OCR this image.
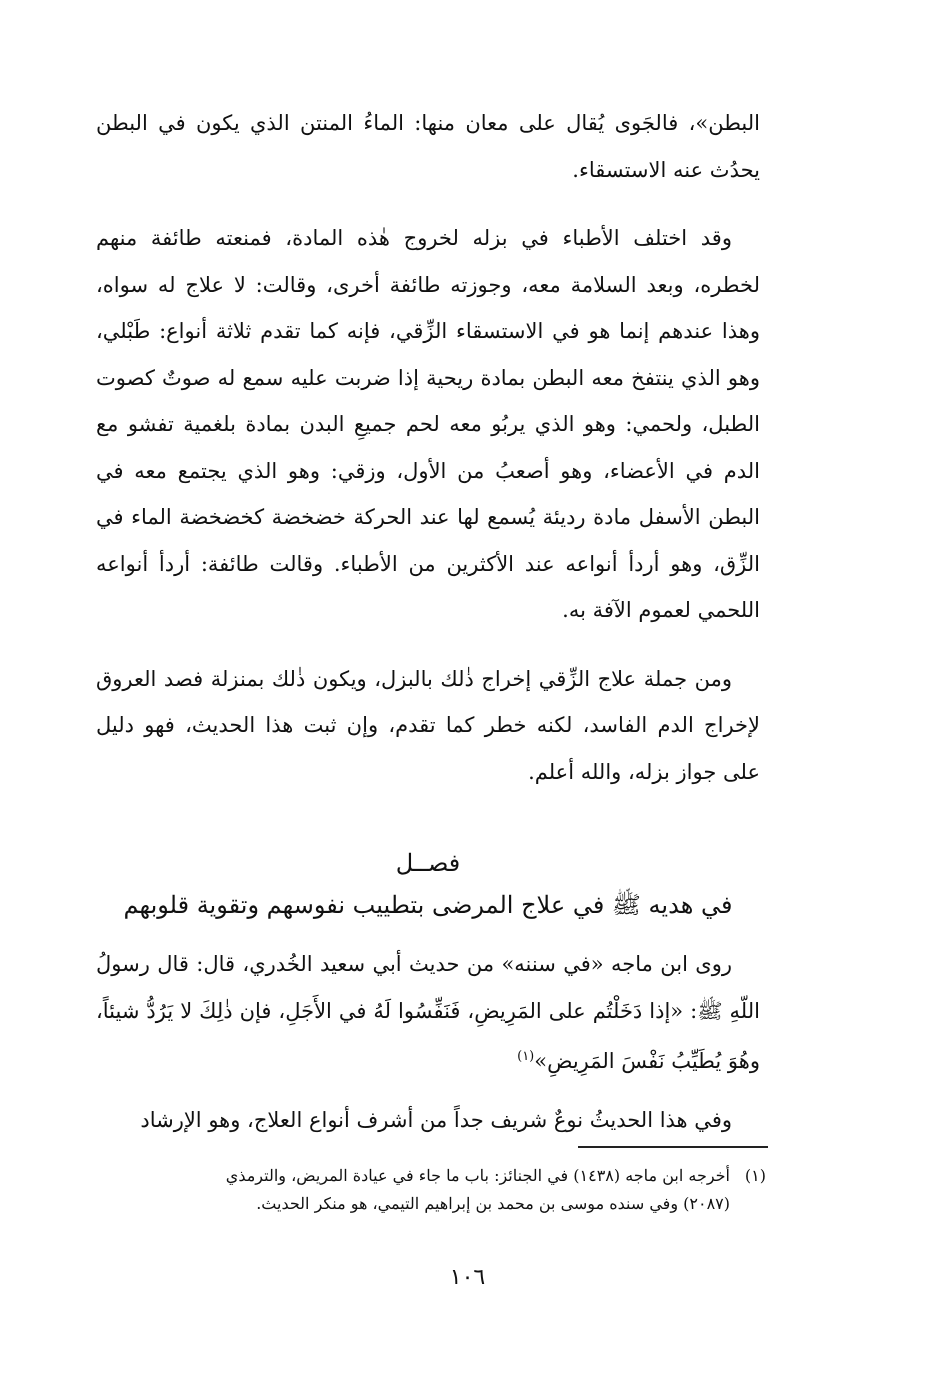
البطن»، فالجَوى يُقال على معان منها: الماءُ المنتن الذي يكون في البطن يحدُث عنه الاستسقاء.

وقد اختلف الأطباء في بزله لخروج هٰذه المادة، فمنعته طائفة منهم لخطره، وبعد السلامة معه، وجوزته طائفة أخرى، وقالت: لا علاج له سواه، وهذا عندهم إنما هو في الاستسقاء الزِّقي، فإنه كما تقدم ثلاثة أنواع: طَبْلي، وهو الذي ينتفخ معه البطن بمادة ريحية إذا ضربت عليه سمع له صوتٌ كصوت الطبل، ولحمي: وهو الذي يربُو معه لحم جميعِ البدن بمادة بلغمية تفشو مع الدم في الأعضاء، وهو أصعبُ من الأول، وزقي: وهو الذي يجتمع معه في البطن الأسفل مادة رديئة يُسمع لها عند الحركة خضخضة كخضخضة الماء في الزِّق، وهو أردأ أنواعه عند الأكثرين من الأطباء. وقالت طائفة: أردأ أنواعه اللحمي لعموم الآفة به.

ومن جملة علاج الزِّقي إخراج ذٰلك بالبزل، ويكون ذٰلك بمنزلة فصد العروق لإخراج الدم الفاسد، لكنه خطر كما تقدم، وإن ثبت هذا الحديث، فهو دليل على جواز بزله، والله أعلم.

فصــل

في هديه ﷺ في علاج المرضى بتطييب نفوسهم وتقوية قلوبهم

روى ابن ماجه «في سننه» من حديث أبي سعيد الخُدري، قال: قال رسولُ اللّهِ ﷺ: «إذا دَخَلْتُم على المَرِيضِ، فَنَفِّسُوا لَهُ في الأَجَلِ، فإن ذٰلِكَ لا يَرُدُّ شيئاً، وهُوَ يُطَيِّبُ نَفْسَ المَرِيضِ»$^{(١)}$

وفي هذا الحديثُ نوعٌ شريف جداً من أشرف أنواع العلاج، وهو الإرشاد

(١)
أخرجه ابن ماجه (١٤٣٨) في الجنائز: باب ما جاء في عيادة المريض، والترمذي
(٢٠٨٧) وفي سنده موسى بن محمد بن إبراهيم التيمي، هو منكر الحديث.
١٠٦
